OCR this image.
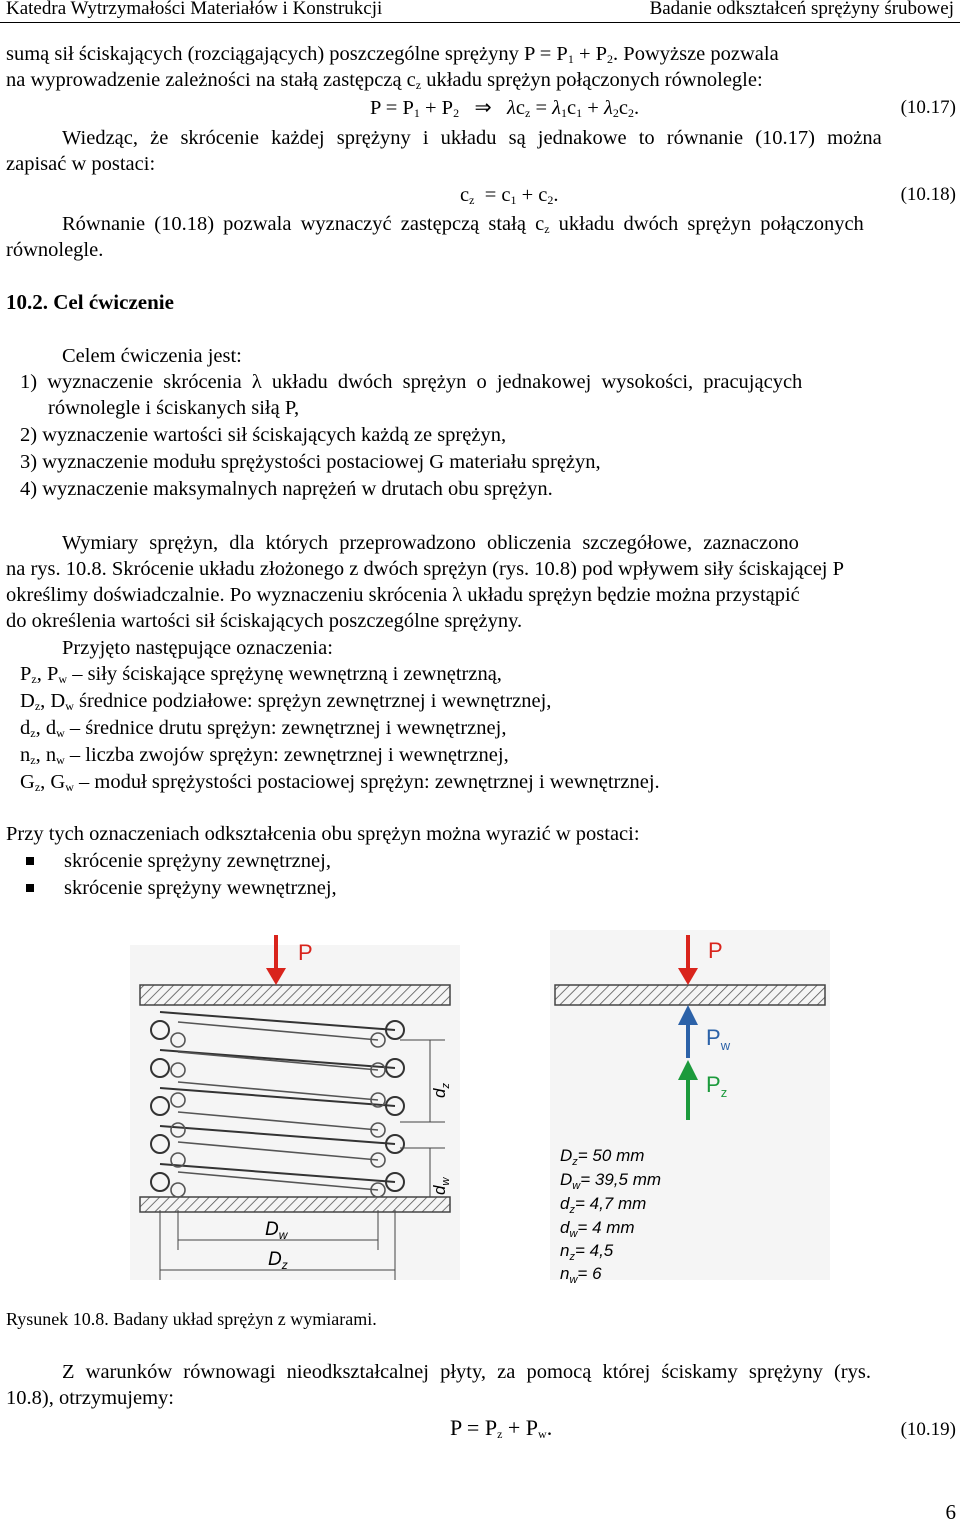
Katedra Wytrzymałości Materiałów i Konstrukcji	Badanie odkształceń sprężyny śrubowej
sumą sił ściskających (rozciągających) poszczególne sprężyny $P = P_1 + P_2$. Powyższe pozwala
na wyprowadzenie zależności na stałą zastępczą $c_z$ układu sprężyn połączonych równolegle:
$P = P_1 + P_2$   ⇒   $\lambda c_z = \lambda_1c_1 + \lambda_2c_2$.	(10.17)
Wiedząc, że skrócenie każdej sprężyny i układu są jednakowe to równanie (10.17) można
zapisać w postaci:
$c_z = c_1 + c_2$.	(10.18)
Równanie (10.18) pozwala wyznaczyć zastępczą stałą $c_z$ układu dwóch sprężyn połączonych
równolegle.
10.2. Cel ćwiczenie
Celem ćwiczenia jest:
1) wyznaczenie skrócenia λ układu dwóch sprężyn o jednakowej wysokości, pracujących
równolegle i ściskanych siłą P,
2) wyznaczenie wartości sił ściskających każdą ze sprężyn,
3) wyznaczenie modułu sprężystości postaciowej G materiału sprężyn,
4) wyznaczenie maksymalnych naprężeń w drutach obu sprężyn.
Wymiary sprężyn, dla których przeprowadzono obliczenia szczegółowe, zaznaczono
na rys. 10.8. Skrócenie układu złożonego z dwóch sprężyn (rys. 10.8) pod wpływem siły ściskającej P
określimy doświadczalnie. Po wyznaczeniu skrócenia λ układu sprężyn będzie można przystąpić
do określenia wartości sił ściskających poszczególne sprężyny.
Przyjęto następujące oznaczenia:
$P_z$, $P_w$ – siły ściskające sprężynę wewnętrzną i zewnętrzną,
$D_z$, $D_w$ średnice podziałowe: sprężyn zewnętrznej i wewnętrznej,
$d_z$, $d_w$ – średnice drutu sprężyn: zewnętrznej i wewnętrznej,
$n_z$, $n_w$ – liczba zwojów sprężyn: zewnętrznej i wewnętrznej,
$G_z$, $G_w$ – moduł sprężystości postaciowej sprężyn: zewnętrznej i wewnętrznej.
Przy tych oznaczeniach odkształcenia obu sprężyn można wyrazić w postaci:
skrócenie sprężyny zewnętrznej,
skrócenie sprężyny wewnętrznej,
P
$d_z$
$d_w$
$D_w$
$D_z$
P
$P_w$
$P_z$
$D_z= 50$ mm
$D_w= 39,5$ mm
$d_z= 4,7$ mm
$d_w= 4$ mm
$n_z= 4,5$
$n_w= 6$
Rysunek 10.8. Badany układ sprężyn z wymiarami.
Z warunków równowagi nieodkształcalnej płyty, za pomocą której ściskamy sprężyny (rys.
10.8), otrzymujemy:
$P = P_z + P_w$.	(10.19)
6
